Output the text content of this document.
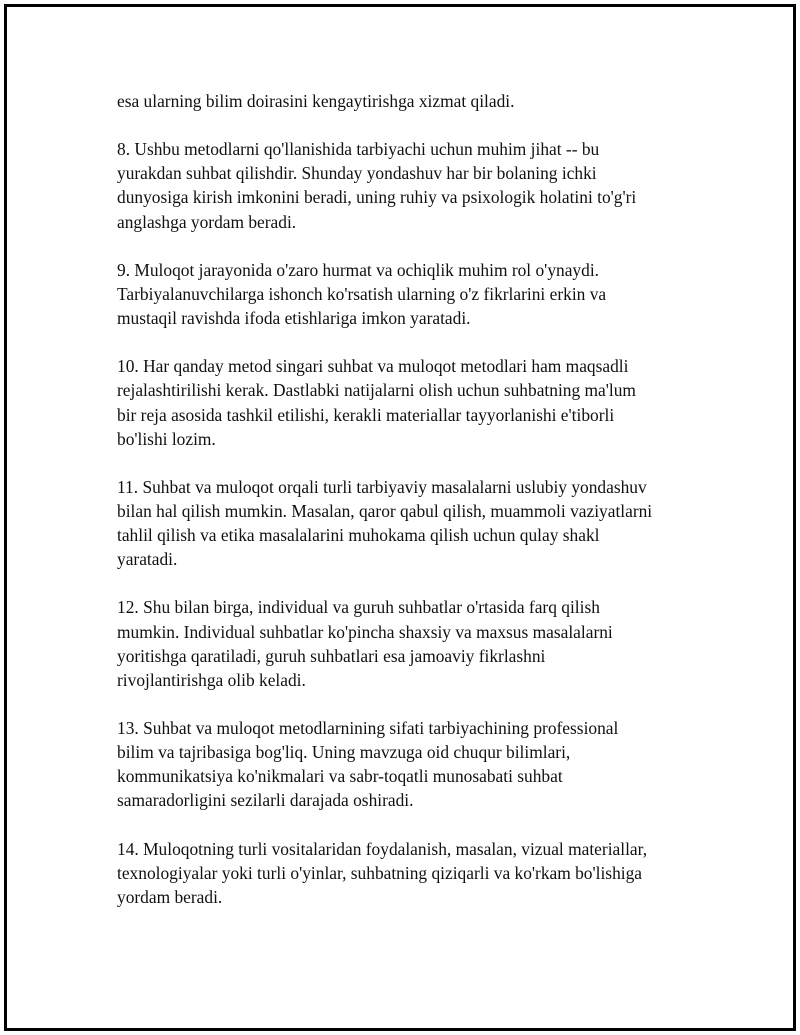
esa ularning bilim doirasini kengaytirishga xizmat qiladi.

8. Ushbu metodlarni qo'llanishida tarbiyachi uchun muhim jihat -- bu
yurakdan suhbat qilishdir. Shunday yondashuv har bir bolaning ichki
dunyosiga kirish imkonini beradi, uning ruhiy va psixologik holatini to'g'ri
anglashga yordam beradi.

9. Muloqot jarayonida o'zaro hurmat va ochiqlik muhim rol o'ynaydi.
Tarbiyalanuvchilarga ishonch ko'rsatish ularning o'z fikrlarini erkin va
mustaqil ravishda ifoda etishlariga imkon yaratadi.

10. Har qanday metod singari suhbat va muloqot metodlari ham maqsadli
rejalashtirilishi kerak. Dastlabki natijalarni olish uchun suhbatning ma'lum
bir reja asosida tashkil etilishi, kerakli materiallar tayyorlanishi e'tiborli
bo'lishi lozim.

11. Suhbat va muloqot orqali turli tarbiyaviy masalalarni uslubiy yondashuv
bilan hal qilish mumkin. Masalan, qaror qabul qilish, muammoli vaziyatlarni
tahlil qilish va etika masalalarini muhokama qilish uchun qulay shakl
yaratadi.

12. Shu bilan birga, individual va guruh suhbatlar o'rtasida farq qilish
mumkin. Individual suhbatlar ko'pincha shaxsiy va maxsus masalalarni
yoritishga qaratiladi, guruh suhbatlari esa jamoaviy fikrlashni
rivojlantirishga olib keladi.

13. Suhbat va muloqot metodlarnining sifati tarbiyachining professional
bilim va tajribasiga bog'liq. Uning mavzuga oid chuqur bilimlari,
kommunikatsiya ko'nikmalari va sabr-toqatli munosabati suhbat
samaradorligini sezilarli darajada oshiradi.

14. Muloqotning turli vositalaridan foydalanish, masalan, vizual materiallar,
texnologiyalar yoki turli o'yinlar, suhbatning qiziqarli va ko'rkam bo'lishiga
yordam beradi.
